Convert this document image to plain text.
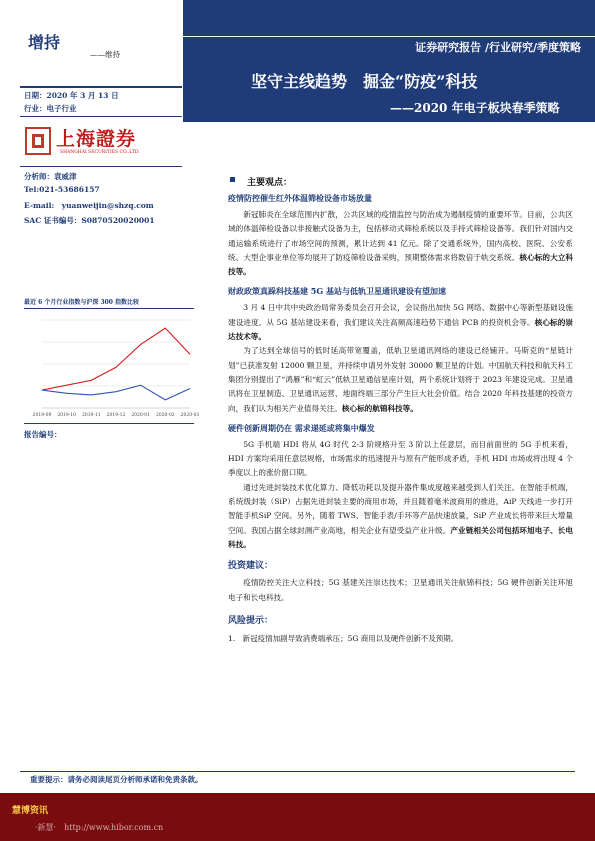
增持
——维持
证券研究报告 /行业研究/季度策略
坚守主线趋势　掘金“防疫”科技
——2020 年电子板块春季策略
日期：2020 年 3 月 13 日
行业：电子行业
上海證券
SHANGHAI SECURITIES CO.,LTD.
分析师：袁威津
Tel:021-53686157
E-mail:　yuanweijin@shzq.com
SAC 证书编号：S0870520020001
最近 6 个月行业指数与沪深 300 指数比较
2019-09 2019-10 2019-11 2019-12 2020-01 2020-02 2020-03
报告编号：
主要观点：
疫情防控催生红外体温筛检设备市场放量
新冠肺炎在全球范围内扩散，公共区域的疫情监控与防治成为遏制疫情的重要环节。目前，公共区域的体温筛检设备以非接触式设备为主，包括移动式筛检系统以及手持式筛检设备等。我们针对国内交通运输系统进行了市场空间的预测，累计达到 41 亿元。除了交通系统外，国内高校、医院、公安系统、大型企事业单位等均展开了防疫筛检设备采购，预期整体需求将数倍于轨交系统。核心标的大立科技等。
财政政策真跺科技基建 5G 基站与低轨卫星通讯建设有望加速
3 月 4 日中共中央政治局常务委员会召开会议，会议指出加快 5G 网络、数据中心等新型基础设施建设进度。从 5G 基站建设来看，我们建议关注高频高速趋势下通信 PCB 的投资机会等。核心标的崇达技术等。
为了达到全球信号的低时延高带宽覆盖，低轨卫星通讯网络的建设已经铺开。马斯克的“星链计划”已获准发射 12000 颗卫星，并持续申请另外发射 30000 颗卫星的计划。中国航天科技和航天科工集团分别提出了“鸿雁”和“虹云”低轨卫星通信星座计划，两个系统计划将于 2023 年建设完成。卫星通讯将在卫星制造、卫星通讯运营、地面终端三部分产生巨大社会价值。结合 2020 年科技基建的投资方向，我们认为相关产业值得关注。核心标的航锦科技等。
硬件创新周期仍在 需求递延或将集中爆发
5G 手机端 HDI 将从 4G 时代 2-3 阶规格升至 3 阶以上任意层，而目前面世的 5G 手机来看，HDI 方案均采用任意层规格，市场需求的迅速提升与原有产能形成矛盾，手机 HDI 市场或将出现 4 个季度以上的涨价窗口期。
通过先进封装技术优化算力、降低功耗以及提升器件集成度越来越受到人们关注。在智能手机端，系统级封装（SiP）占据先进封装主要的商用市场，并且随着毫米波商用的推进，AiP 天线进一步打开智能手机SiP 空间。另外，随着 TWS、智能手表/手环等产品快速放量，SiP 产业成长将带来巨大增量空间。我国占据全球封测产业高地，相关企业有望受益产业升级。产业链相关公司包括环旭电子、长电科技。
投资建议：
疫情防控关注大立科技；5G 基建关注崇达技术；卫星通讯关注航锦科技；5G 硬件创新关注环旭电子和长电科技。
风险提示：
1.　新冠疫情加剧导致消费端承压；5G 商用以及硬件创新不及预期。
重要提示：请务必阅读尾页分析师承诺和免责条款。
慧博资讯
·新慧·　http://www.hibor.com.cn
